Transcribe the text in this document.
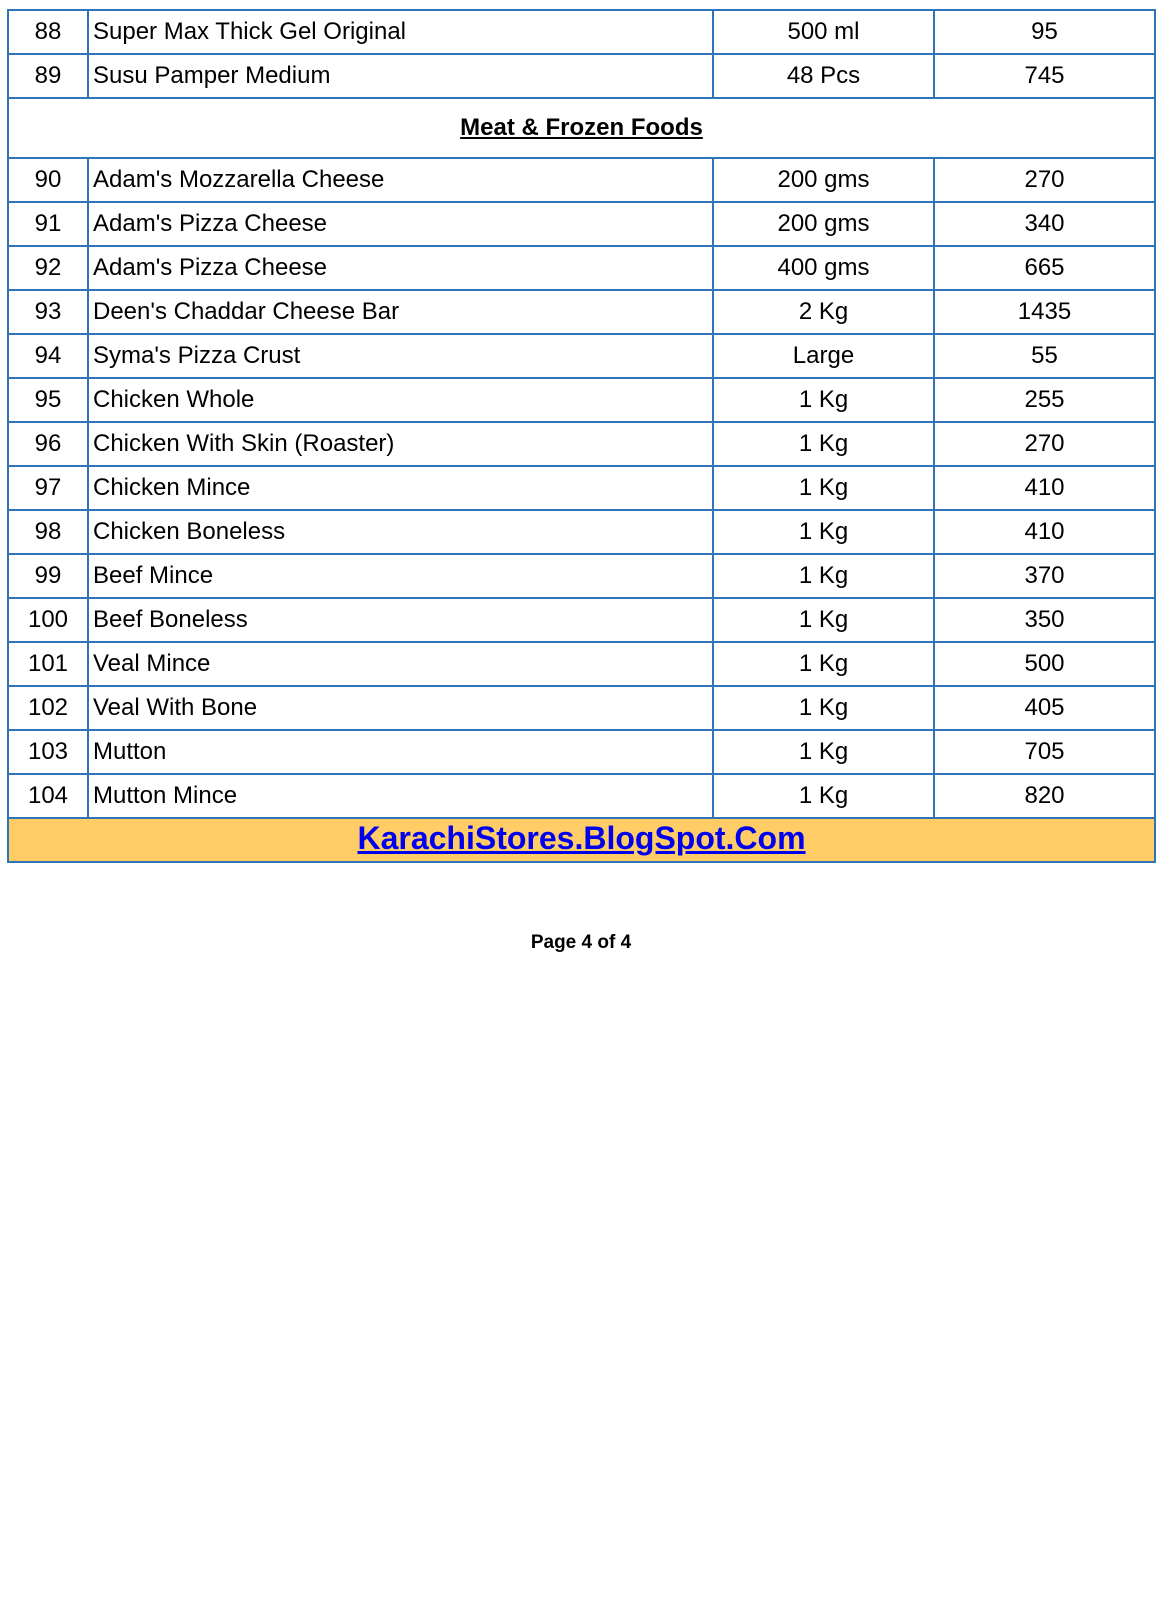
88	Super Max Thick Gel Original	500 ml	95
89	Susu Pamper Medium	48 Pcs	745
Meat & Frozen Foods			
90	Adam's Mozzarella Cheese	200 gms	270
91	Adam's Pizza Cheese	200 gms	340
92	Adam's Pizza Cheese	400 gms	665
93	Deen's Chaddar Cheese Bar	2 Kg	1435
94	Syma's Pizza Crust	Large	55
95	Chicken Whole	1 Kg	255
96	Chicken With Skin (Roaster)	1 Kg	270
97	Chicken Mince	1 Kg	410
98	Chicken Boneless	1 Kg	410
99	Beef Mince	1 Kg	370
100	Beef Boneless	1 Kg	350
101	Veal Mince	1 Kg	500
102	Veal With Bone	1 Kg	405
103	Mutton	1 Kg	705
104	Mutton Mince	1 Kg	820
KarachiStores.BlogSpot.Com			
Page 4 of 4
